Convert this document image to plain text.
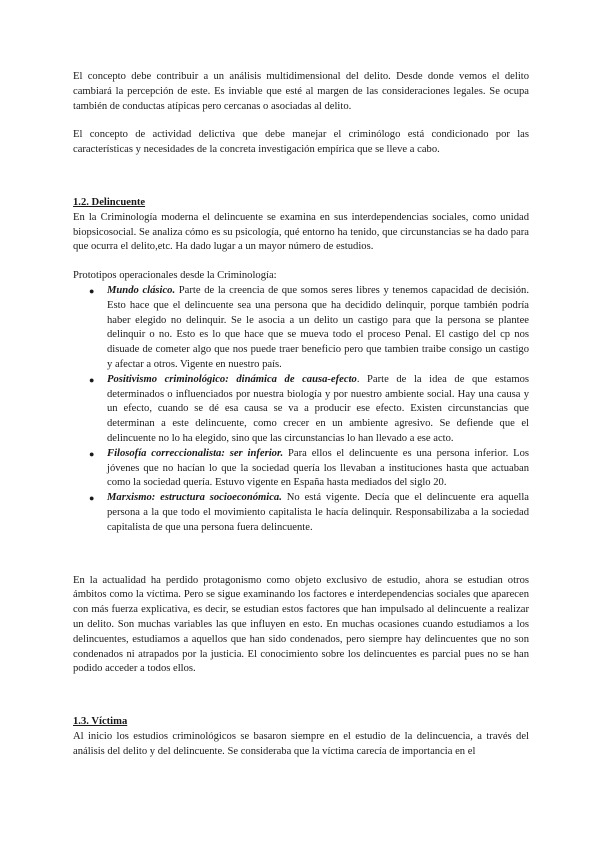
El concepto debe contribuir a un análisis multidimensional del delito. Desde donde vemos el delito cambiará la percepción de este. Es inviable que esté al margen de las consideraciones legales. Se ocupa también de conductas atípicas pero cercanas o asociadas al delito.

El concepto de actividad delictiva que debe manejar el criminólogo está condicionado por las características y necesidades de la concreta investigación empírica que se lleve a cabo.

1.2. Delincuente

En la Criminología moderna el delincuente se examina en sus interdependencias sociales, como unidad biopsicosocial. Se analiza cómo es su psicología, qué entorno ha tenido, que circunstancias se ha dado para que ocurra el delito,etc. Ha dado lugar a un mayor número de estudios.

Prototipos operacionales desde la Criminología:

● Mundo clásico. Parte de la creencia de que somos seres libres y tenemos capacidad de decisión. Esto hace que el delincuente sea una persona que ha decidido delinquir, porque también podría haber elegido no delinquir. Se le asocia a un delito un castigo para que la persona se plantee delinquir o no. Esto es lo que hace que se mueva todo el proceso Penal. El castigo del cp nos disuade de cometer algo que nos puede traer beneficio pero que tambien traibe consigo un castigo y afectar a otros. Vigente en nuestro país.
● Positivismo criminológico: dinámica de causa-efecto. Parte de la idea de que estamos determinados o influenciados por nuestra biología y por nuestro ambiente social. Hay una causa y un efecto, cuando se dé esa causa se va a producir ese efecto. Existen circunstancias que determinan a este delincuente, como crecer en un ambiente agresivo. Se defiende que el delincuente no lo ha elegido, sino que las circunstancias lo han llevado a ese acto.
● Filosofía correccionalista: ser inferior. Para ellos el delincuente es una persona inferior. Los jóvenes que no hacían lo que la sociedad quería los llevaban a instituciones hasta que actuaban como la sociedad quería. Estuvo vigente en España hasta mediados del siglo 20.
● Marxismo: estructura socioeconómica. No está vigente. Decía que el delincuente era aquella persona a la que todo el movimiento capitalista le hacía delinquir. Responsabilizaba a la sociedad capitalista de que una persona fuera delincuente.

En la actualidad ha perdido protagonismo como objeto exclusivo de estudio, ahora se estudian otros ámbitos como la víctima. Pero se sigue examinando los factores e interdependencias sociales que aparecen con más fuerza explicativa, es decir, se estudian estos factores que han impulsado al delincuente a realizar un delito. Son muchas variables las que influyen en esto. En muchas ocasiones cuando estudiamos a los delincuentes, estudiamos a aquellos que han sido condenados, pero siempre hay delincuentes que no son condenados ni atrapados por la justicia. El conocimiento sobre los delincuentes es parcial pues no se han podido acceder a todos ellos.

1.3. Víctima

Al inicio los estudios criminológicos se basaron siempre en el estudio de la delincuencia, a través del análisis del delito y del delincuente. Se consideraba que la víctima carecía de importancia en el
